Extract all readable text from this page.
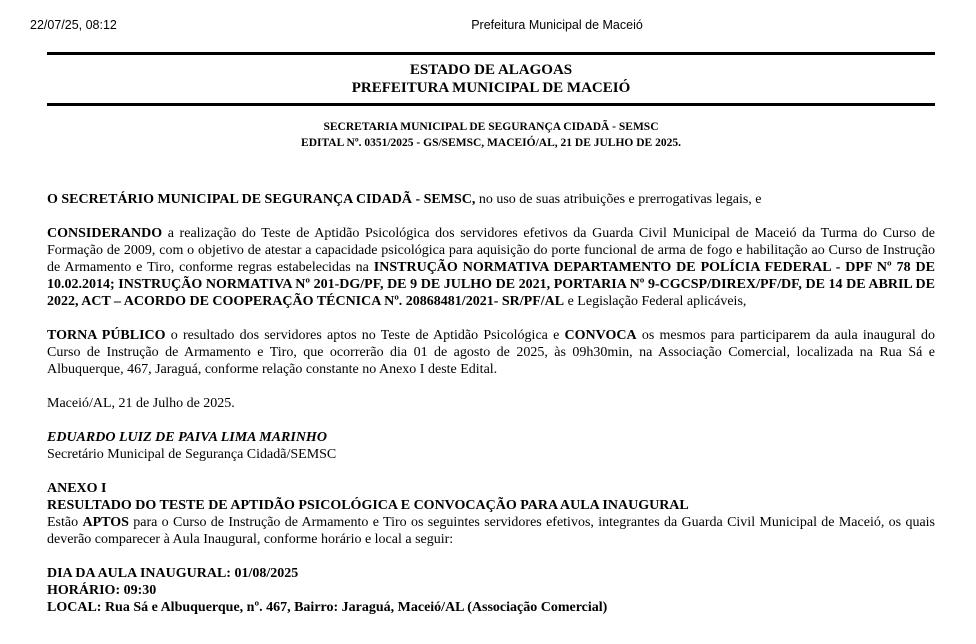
22/07/25, 08:12	Prefeitura Municipal de Maceió
ESTADO DE ALAGOAS
PREFEITURA MUNICIPAL DE MACEIÓ
SECRETARIA MUNICIPAL DE SEGURANÇA CIDADÃ - SEMSC
EDITAL Nº. 0351/2025 - GS/SEMSC, MACEIÓ/AL, 21 DE JULHO DE 2025.

O SECRETÁRIO MUNICIPAL DE SEGURANÇA CIDADÃ - SEMSC, no uso de suas atribuições e prerrogativas legais, e

CONSIDERANDO a realização do Teste de Aptidão Psicológica dos servidores efetivos da Guarda Civil Municipal de Maceió da Turma do Curso de Formação de 2009, com o objetivo de atestar a capacidade psicológica para aquisição do porte funcional de arma de fogo e habilitação ao Curso de Instrução de Armamento e Tiro, conforme regras estabelecidas na INSTRUÇÃO NORMATIVA DEPARTAMENTO DE POLÍCIA FEDERAL - DPF Nº 78 DE 10.02.2014; INSTRUÇÃO NORMATIVA Nº 201-DG/PF, DE 9 DE JULHO DE 2021, PORTARIA Nº 9-CGCSP/DIREX/PF/DF, DE 14 DE ABRIL DE 2022, ACT – ACORDO DE COOPERAÇÃO TÉCNICA Nº. 20868481/2021- SR/PF/AL e Legislação Federal aplicáveis,

TORNA PÚBLICO o resultado dos servidores aptos no Teste de Aptidão Psicológica e CONVOCA os mesmos para participarem da aula inaugural do Curso de Instrução de Armamento e Tiro, que ocorrerão dia 01 de agosto de 2025, às 09h30min, na Associação Comercial, localizada na Rua Sá e Albuquerque, 467, Jaraguá, conforme relação constante no Anexo I deste Edital.

Maceió/AL, 21 de Julho de 2025.

EDUARDO LUIZ DE PAIVA LIMA MARINHO
Secretário Municipal de Segurança Cidadã/SEMSC
ANEXO I
RESULTADO DO TESTE DE APTIDÃO PSICOLÓGICA E CONVOCAÇÃO PARA AULA INAUGURAL

Estão APTOS para o Curso de Instrução de Armamento e Tiro os seguintes servidores efetivos, integrantes da Guarda Civil Municipal de Maceió, os quais deverão comparecer à Aula Inaugural, conforme horário e local a seguir:

DIA DA AULA INAUGURAL: 01/08/2025
HORÁRIO: 09:30
LOCAL: Rua Sá e Albuquerque, nº. 467, Bairro: Jaraguá, Maceió/AL (Associação Comercial)
